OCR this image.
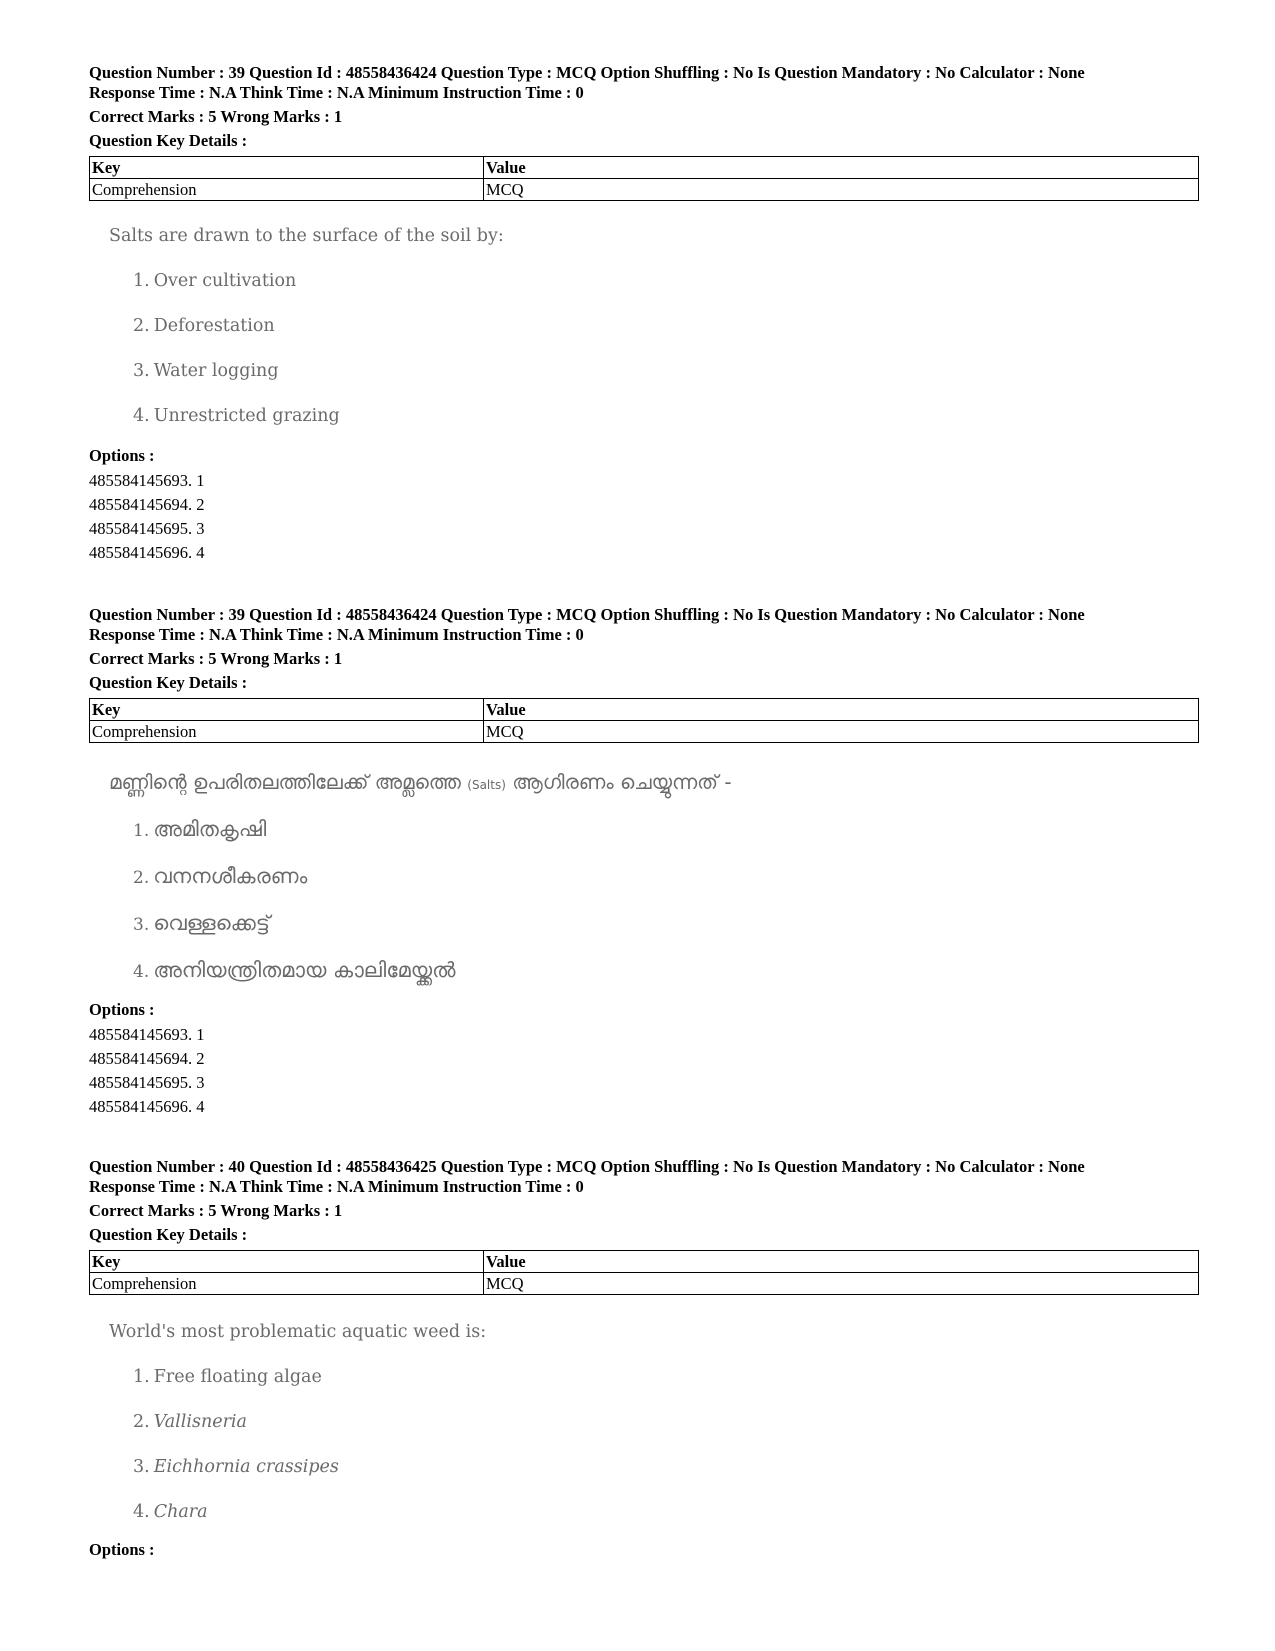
Question Number : 39 Question Id : 48558436424 Question Type : MCQ Option Shuffling : No Is Question Mandatory : No Calculator : None

Response Time : N.A Think Time : N.A Minimum Instruction Time : 0

Correct Marks : 5 Wrong Marks : 1

Question Key Details :

Key	Value
Comprehension	MCQ
Salts are drawn to the surface of the soil by:
1. Over cultivation
2. Deforestation
3. Water logging
4. Unrestricted grazing
Options :
485584145693. 1
485584145694. 2
485584145695. 3
485584145696. 4

Question Number : 39 Question Id : 48558436424 Question Type : MCQ Option Shuffling : No Is Question Mandatory : No Calculator : None

Response Time : N.A Think Time : N.A Minimum Instruction Time : 0

Correct Marks : 5 Wrong Marks : 1

Question Key Details :

Key	Value
Comprehension	MCQ
മണ്ണിന്റെ ഉപരിതലത്തിലേക്ക് അമ്ലത്തെ (Salts) ആഗിരണം ചെയ്യുന്നത് -
1. അമിതകൃഷി
2. വനനശീകരണം
3. വെള്ളക്കെട്ട്
4. അനിയന്ത്രിതമായ കാലിമേയ്ക്കൽ
Options :
485584145693. 1
485584145694. 2
485584145695. 3
485584145696. 4

Question Number : 40 Question Id : 48558436425 Question Type : MCQ Option Shuffling : No Is Question Mandatory : No Calculator : None

Response Time : N.A Think Time : N.A Minimum Instruction Time : 0

Correct Marks : 5 Wrong Marks : 1

Question Key Details :

Key	Value
Comprehension	MCQ
World's most problematic aquatic weed is:
1. Free floating algae
2. Vallisneria
3. Eichhornia crassipes
4. Chara
Options :
